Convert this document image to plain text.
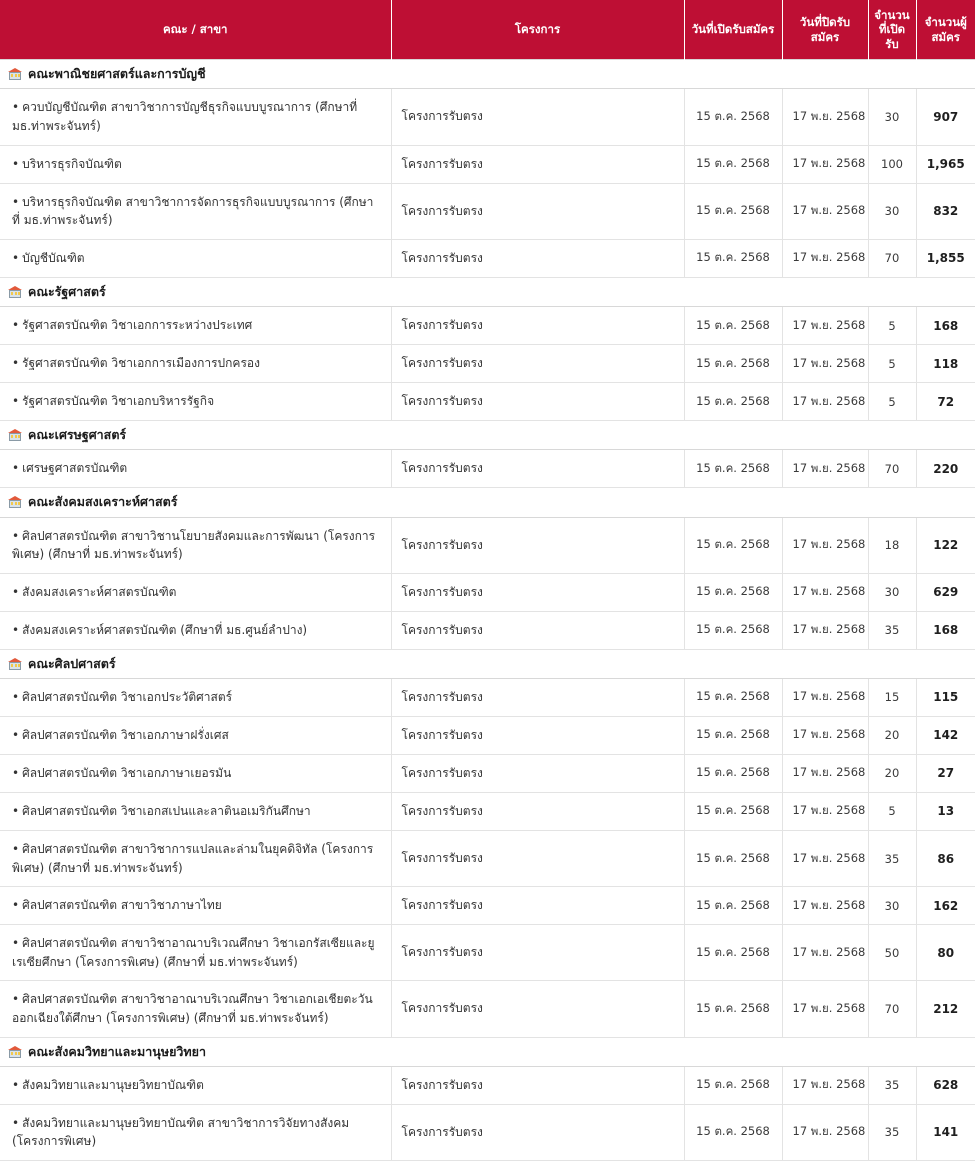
คณะ / สาขา	โครงการ	วันที่เปิดรับสมัคร	วันที่ปิดรับสมัคร	จำนวนที่เปิดรับ	จำนวนผู้สมัคร

คณะพาณิชยศาสตร์และการบัญชี					

• ควบบัญชีบัณฑิต สาขาวิชาการบัญชีธุรกิจแบบบูรณาการ (ศึกษาที่ มธ.ท่าพระจันทร์)	โครงการรับตรง	15 ต.ค. 2568	17 พ.ย. 2568	30	907
• บริหารธุรกิจบัณฑิต	โครงการรับตรง	15 ต.ค. 2568	17 พ.ย. 2568	100	1,965
• บริหารธุรกิจบัณฑิต สาขาวิชาการจัดการธุรกิจแบบบูรณาการ (ศึกษาที่ มธ.ท่าพระจันทร์)	โครงการรับตรง	15 ต.ค. 2568	17 พ.ย. 2568	30	832
• บัญชีบัณฑิต	โครงการรับตรง	15 ต.ค. 2568	17 พ.ย. 2568	70	1,855

คณะรัฐศาสตร์					

• รัฐศาสตรบัณฑิต วิชาเอกการระหว่างประเทศ	โครงการรับตรง	15 ต.ค. 2568	17 พ.ย. 2568	5	168
• รัฐศาสตรบัณฑิต วิชาเอกการเมืองการปกครอง	โครงการรับตรง	15 ต.ค. 2568	17 พ.ย. 2568	5	118
• รัฐศาสตรบัณฑิต วิชาเอกบริหารรัฐกิจ	โครงการรับตรง	15 ต.ค. 2568	17 พ.ย. 2568	5	72

คณะเศรษฐศาสตร์					

• เศรษฐศาสตรบัณฑิต	โครงการรับตรง	15 ต.ค. 2568	17 พ.ย. 2568	70	220

คณะสังคมสงเคราะห์ศาสตร์					

• ศิลปศาสตรบัณฑิต สาขาวิชานโยบายสังคมและการพัฒนา (โครงการพิเศษ) (ศึกษาที่ มธ.ท่าพระจันทร์)	โครงการรับตรง	15 ต.ค. 2568	17 พ.ย. 2568	18	122
• สังคมสงเคราะห์ศาสตรบัณฑิต	โครงการรับตรง	15 ต.ค. 2568	17 พ.ย. 2568	30	629
• สังคมสงเคราะห์ศาสตรบัณฑิต (ศึกษาที่ มธ.ศูนย์ลำปาง)	โครงการรับตรง	15 ต.ค. 2568	17 พ.ย. 2568	35	168

คณะศิลปศาสตร์					

• ศิลปศาสตรบัณฑิต วิชาเอกประวัติศาสตร์	โครงการรับตรง	15 ต.ค. 2568	17 พ.ย. 2568	15	115
• ศิลปศาสตรบัณฑิต วิชาเอกภาษาฝรั่งเศส	โครงการรับตรง	15 ต.ค. 2568	17 พ.ย. 2568	20	142
• ศิลปศาสตรบัณฑิต วิชาเอกภาษาเยอรมัน	โครงการรับตรง	15 ต.ค. 2568	17 พ.ย. 2568	20	27
• ศิลปศาสตรบัณฑิต วิชาเอกสเปนและลาตินอเมริกันศึกษา	โครงการรับตรง	15 ต.ค. 2568	17 พ.ย. 2568	5	13
• ศิลปศาสตรบัณฑิต สาขาวิชาการแปลและล่ามในยุคดิจิทัล (โครงการพิเศษ) (ศึกษาที่ มธ.ท่าพระจันทร์)	โครงการรับตรง	15 ต.ค. 2568	17 พ.ย. 2568	35	86
• ศิลปศาสตรบัณฑิต สาขาวิชาภาษาไทย	โครงการรับตรง	15 ต.ค. 2568	17 พ.ย. 2568	30	162
• ศิลปศาสตรบัณฑิต สาขาวิชาอาณาบริเวณศึกษา วิชาเอกรัสเซียและยูเรเซียศึกษา (โครงการพิเศษ) (ศึกษาที่ มธ.ท่าพระจันทร์)	โครงการรับตรง	15 ต.ค. 2568	17 พ.ย. 2568	50	80
• ศิลปศาสตรบัณฑิต สาขาวิชาอาณาบริเวณศึกษา วิชาเอกเอเชียตะวันออกเฉียงใต้ศึกษา (โครงการพิเศษ) (ศึกษาที่ มธ.ท่าพระจันทร์)	โครงการรับตรง	15 ต.ค. 2568	17 พ.ย. 2568	70	212

คณะสังคมวิทยาและมานุษยวิทยา					

• สังคมวิทยาและมานุษยวิทยาบัณฑิต	โครงการรับตรง	15 ต.ค. 2568	17 พ.ย. 2568	35	628
• สังคมวิทยาและมานุษยวิทยาบัณฑิต สาขาวิชาการวิจัยทางสังคม (โครงการพิเศษ)	โครงการรับตรง	15 ต.ค. 2568	17 พ.ย. 2568	35	141
